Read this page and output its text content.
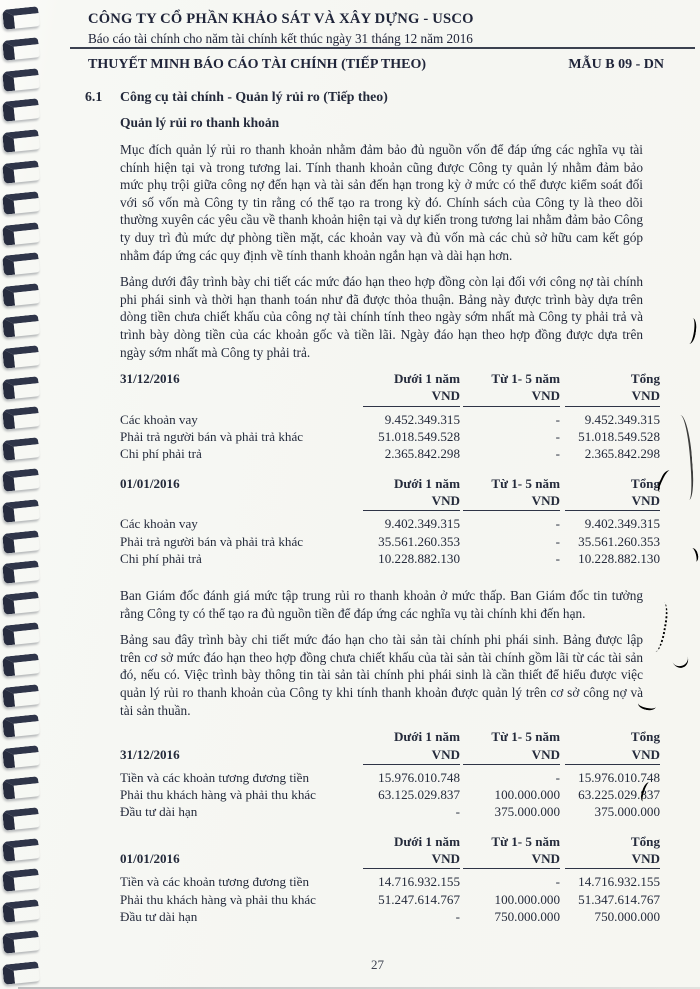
CÔNG TY CỔ PHẦN KHẢO SÁT VÀ XÂY DỰNG - USCO
Báo cáo tài chính cho năm tài chính kết thúc ngày 31 tháng 12 năm 2016
THUYẾT MINH BÁO CÁO TÀI CHÍNH (TIẾP THEO)	MẪU B 09 - DN
6.1	Công cụ tài chính - Quản lý rủi ro (Tiếp theo)
Quản lý rủi ro thanh khoản

Mục đích quản lý rủi ro thanh khoản nhằm đảm bảo đủ nguồn vốn để đáp ứng các nghĩa vụ tài chính hiện tại và trong tương lai. Tính thanh khoản cũng được Công ty quản lý nhằm đảm bảo mức phụ trội giữa công nợ đến hạn và tài sản đến hạn trong kỳ ở mức có thể được kiểm soát đối với số vốn mà Công ty tin rằng có thể tạo ra trong kỳ đó. Chính sách của Công ty là theo dõi thường xuyên các yêu cầu về thanh khoản hiện tại và dự kiến trong tương lai nhằm đảm bảo Công ty duy trì đủ mức dự phòng tiền mặt, các khoản vay và đủ vốn mà các chủ sở hữu cam kết góp nhằm đáp ứng các quy định về tính thanh khoản ngắn hạn và dài hạn hơn.

Bảng dưới đây trình bày chi tiết các mức đáo hạn theo hợp đồng còn lại đối với công nợ tài chính phi phái sinh và thời hạn thanh toán như đã được thỏa thuận. Bảng này được trình bày dựa trên dòng tiền chưa chiết khấu của công nợ tài chính tính theo ngày sớm nhất mà Công ty phải trả và trình bày dòng tiền của các khoản gốc và tiền lãi. Ngày đáo hạn theo hợp đồng được dựa trên ngày sớm nhất mà Công ty phải trả.

31/12/2016	Dưới 1 năm	Từ 1- 5 năm	Tổng
VND	VND	VND
Các khoản vay	9.452.349.315	-	9.452.349.315
Phải trả người bán và phải trả khác	51.018.549.528	-	51.018.549.528
Chi phí phải trả	2.365.842.298	-	2.365.842.298
01/01/2016	Dưới 1 năm	Từ 1- 5 năm	Tổng
VND	VND	VND
Các khoản vay	9.402.349.315	-	9.402.349.315
Phải trả người bán và phải trả khác	35.561.260.353	-	35.561.260.353
Chi phí phải trả	10.228.882.130	-	10.228.882.130

Ban Giám đốc đánh giá mức tập trung rủi ro thanh khoản ở mức thấp. Ban Giám đốc tin tưởng rằng Công ty có thể tạo ra đủ nguồn tiền để đáp ứng các nghĩa vụ tài chính khi đến hạn.

Bảng sau đây trình bày chi tiết mức đáo hạn cho tài sản tài chính phi phái sinh. Bảng được lập trên cơ sở mức đáo hạn theo hợp đồng chưa chiết khấu của tài sản tài chính gồm lãi từ các tài sản đó, nếu có. Việc trình bày thông tin tài sản tài chính phi phái sinh là cần thiết để hiểu được việc quản lý rủi ro thanh khoản của Công ty khi tính thanh khoản được quản lý trên cơ sở công nợ và tài sản thuần.

Dưới 1 năm	Từ 1- 5 năm	Tổng
31/12/2016	VND	VND	VND
Tiền và các khoản tương đương tiền	15.976.010.748	-	15.976.010.748
Phải thu khách hàng và phải thu khác	63.125.029.837	100.000.000	63.225.029.837
Đầu tư dài hạn	-	375.000.000	375.000.000
Dưới 1 năm	Từ 1- 5 năm	Tổng
01/01/2016	VND	VND	VND
Tiền và các khoản tương đương tiền	14.716.932.155	-	14.716.932.155
Phải thu khách hàng và phải thu khác	51.247.614.767	100.000.000	51.347.614.767
Đầu tư dài hạn	-	750.000.000	750.000.000
27
